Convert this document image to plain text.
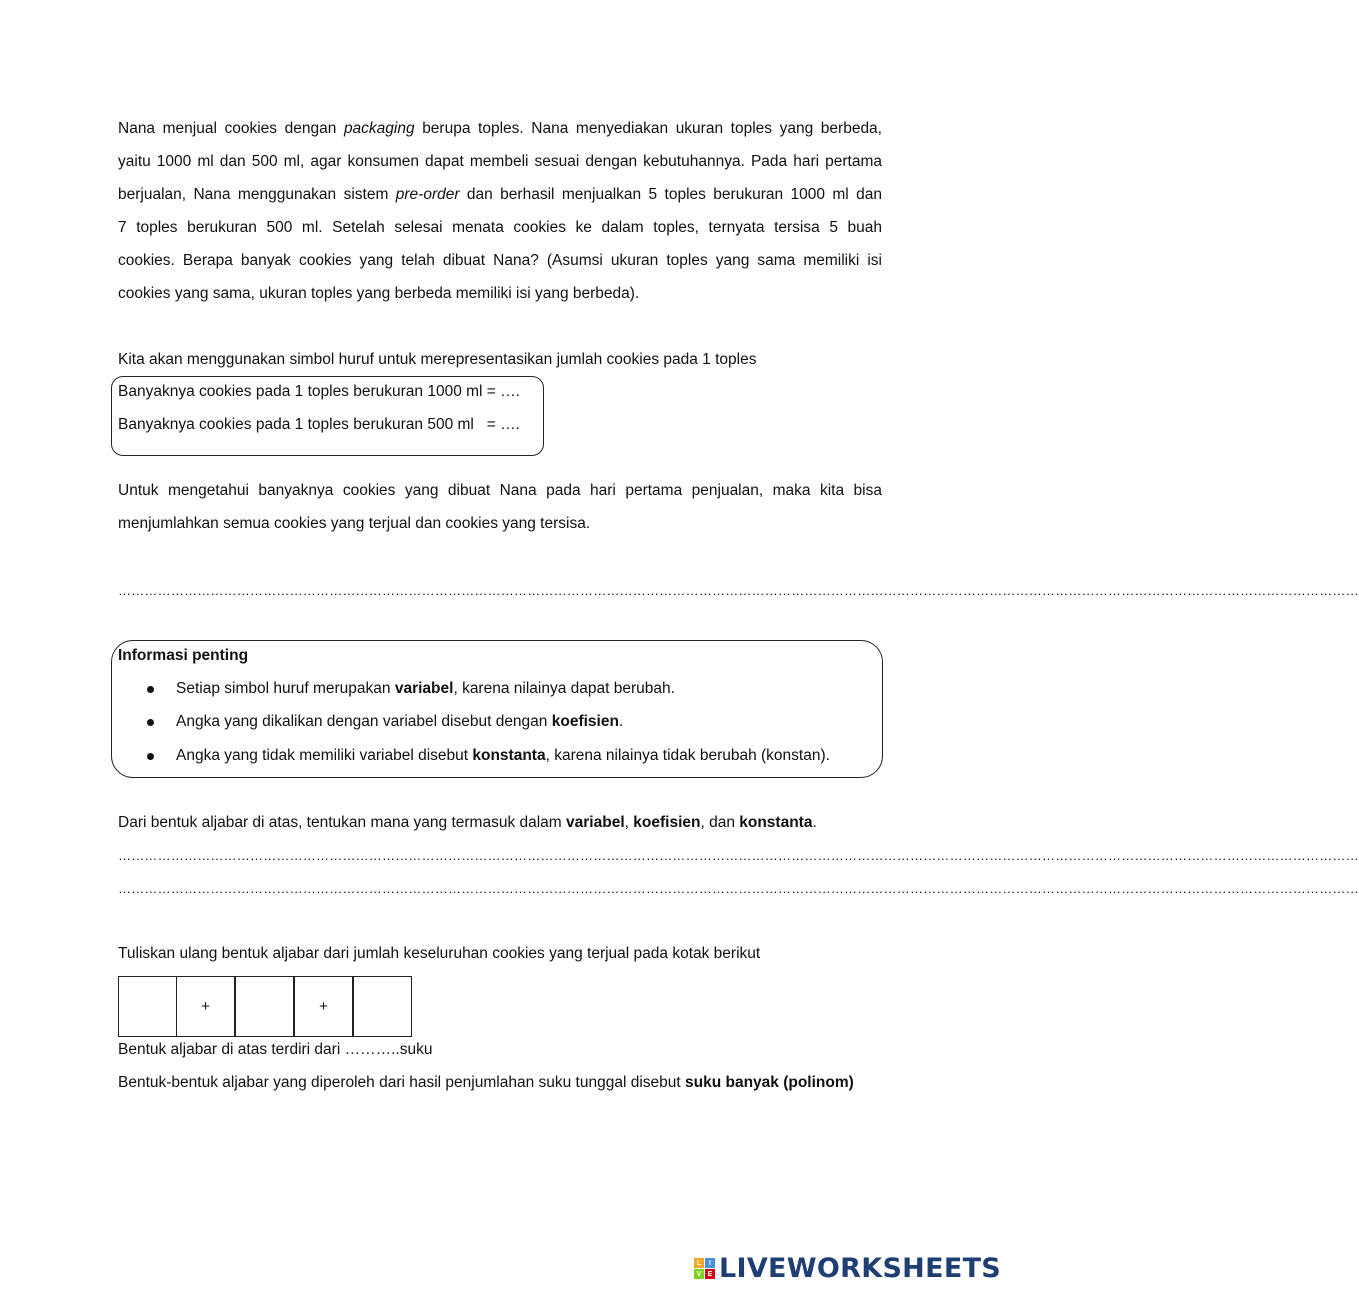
Nana menjual cookies dengan packaging berupa toples. Nana menyediakan ukuran toples yang berbeda,
yaitu 1000 ml dan 500 ml, agar konsumen dapat membeli sesuai dengan kebutuhannya. Pada hari pertama
berjualan, Nana menggunakan sistem pre-order dan berhasil menjualkan 5 toples berukuran 1000 ml dan
7 toples berukuran 500 ml. Setelah selesai menata cookies ke dalam toples, ternyata tersisa 5 buah
cookies. Berapa banyak cookies yang telah dibuat Nana? (Asumsi ukuran toples yang sama memiliki isi
cookies yang sama, ukuran toples yang berbeda memiliki isi yang berbeda).
Kita akan menggunakan simbol huruf untuk merepresentasikan jumlah cookies pada 1 toples
Banyaknya cookies pada 1 toples berukuran 1000 ml = ….
Banyaknya cookies pada 1 toples berukuran 500 ml   = ….
Untuk mengetahui banyaknya cookies yang dibuat Nana pada hari pertama penjualan, maka kita bisa
menjumlahkan semua cookies yang terjual dan cookies yang tersisa.
…………………………………………………………………………………………………………………………………………………………………………………………………………………………………………………………
Informasi penting
Setiap simbol huruf merupakan variabel, karena nilainya dapat berubah.
Angka yang dikalikan dengan variabel disebut dengan koefisien.
Angka yang tidak memiliki variabel disebut konstanta, karena nilainya tidak berubah (konstan).
Dari bentuk aljabar di atas, tentukan mana yang termasuk dalam variabel, koefisien, dan konstanta.
…………………………………………………………………………………………………………………………………………………………………………………………………………………………………………………………
…………………………………………………………………………………………………………………………………………………………………………………………………………………………………………………………
Tuliskan ulang bentuk aljabar dari jumlah keseluruhan cookies yang terjual pada kotak berikut
+	+
Bentuk aljabar di atas terdiri dari ………..suku
Bentuk-bentuk aljabar yang diperoleh dari hasil penjumlahan suku tunggal disebut suku banyak (polinom)
L	I
V E LIVEWORKSHEETS
